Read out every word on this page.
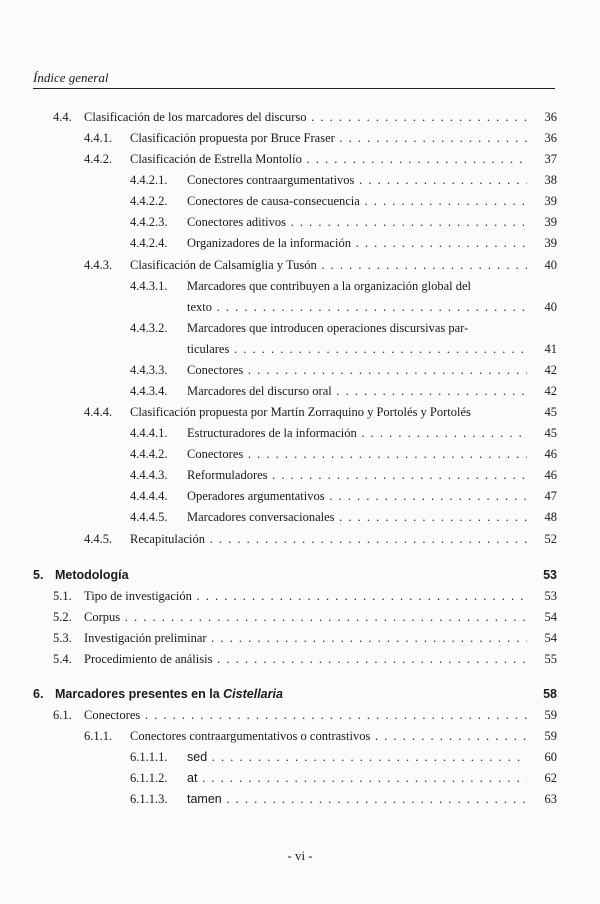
Índice general
4.4. Clasificación de los marcadores del discurso . . .	36
4.4.1. Clasificación propuesta por Bruce Fraser . . .	36
4.4.2. Clasificación de Estrella Montolío . . .	37
4.4.2.1. Conectores contraargumentativos . . .	38
4.4.2.2. Conectores de causa-consecuencia . . .	39
4.4.2.3. Conectores aditivos . . .	39
4.4.2.4. Organizadores de la información . . .	39
4.4.3. Clasificación de Calsamiglia y Tusón . . .	40
4.4.3.1. Marcadores que contribuyen a la organización global del
texto . . .	40
4.4.3.2. Marcadores que introducen operaciones discursivas par-
ticulares . . .	41
4.4.3.3. Conectores . . .	42
4.4.3.4. Marcadores del discurso oral . . .	42
4.4.4. Clasificación propuesta por Martín Zorraquino y Portolés y Portolés	45
4.4.4.1. Estructuradores de la información . . .	45
4.4.4.2. Conectores . . .	46
4.4.4.3. Reformuladores . . .	46
4.4.4.4. Operadores argumentativos . . .	47
4.4.4.5. Marcadores conversacionales . . .	48
4.4.5. Recapitulación . . .	52
5. Metodología	53
5.1. Tipo de investigación . . .	53
5.2. Corpus . . .	54
5.3. Investigación preliminar . . .	54
5.4. Procedimiento de análisis . . .	55
6. Marcadores presentes en la Cistellaria	58
6.1. Conectores . . .	59
6.1.1. Conectores contraargumentativos o contrastivos . . .	59
6.1.1.1. sed . . .	60
6.1.1.2. at . . .	62
6.1.1.3. tamen . . .	63
- vi -
